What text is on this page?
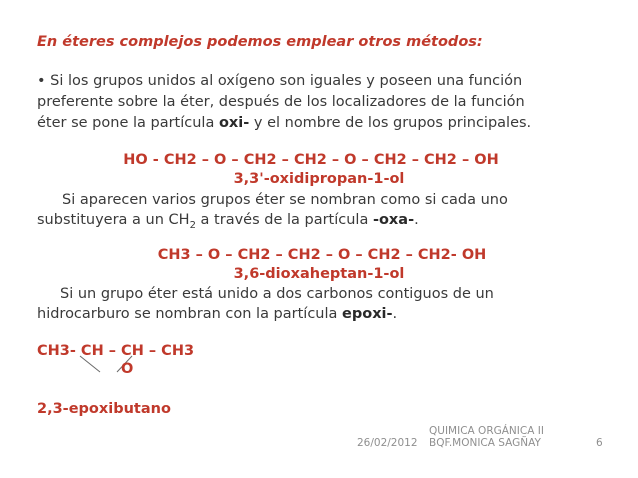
En éteres complejos podemos emplear otros métodos:
• Si los grupos unidos al oxígeno son iguales y poseen una función
preferente sobre la éter, después de los localizadores de la función
éter se pone la partícula oxi- y el nombre de los grupos principales.
HO - CH2 – O – CH2 – CH2 – O – CH2 – CH2 – OH
3,3'-oxidipropan-1-ol
Si aparecen varios grupos éter se nombran como si cada uno
substituyera a un $CH_2$ a través de la partícula -oxa-.
CH3 – O – CH2 – CH2 – O – CH2 – CH2- OH
3,6-dioxaheptan-1-ol
Si un grupo éter está unido a dos carbonos contiguos de un
hidrocarburo se nombran con la partícula epoxi-.
CH3- CH – CH – CH3
O
2,3-epoxibutano
26/02/2012
QUIMICA ORGÁNICA II
BQF.MONICA SAGÑAY	6
